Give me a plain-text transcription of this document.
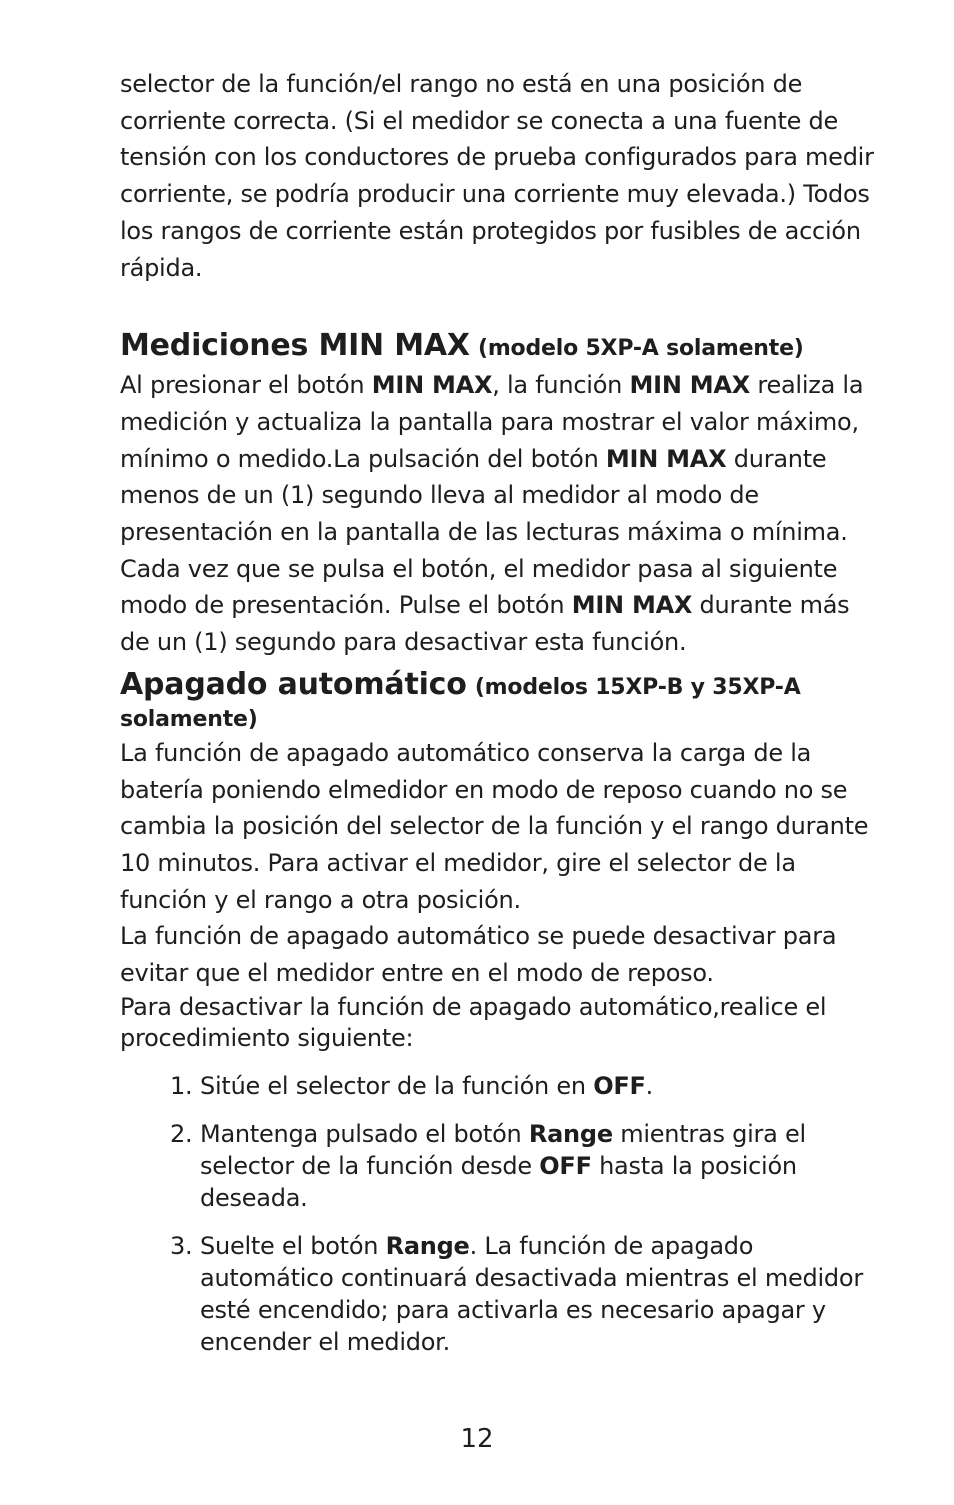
selector de la función/el rango no está en una posición de corriente correcta. (Si el medidor se conecta a una fuente de tensión con los conductores de prueba configurados para medir corriente, se podría producir una corriente muy elevada.) Todos los rangos de corriente están protegidos por fusibles de acción rápida.

Mediciones MIN MAX (modelo 5XP-A solamente)

Al presionar el botón MIN MAX, la función MIN MAX realiza la medición y actualiza la pantalla para mostrar el valor máximo, mínimo o medido.La pulsación del botón MIN MAX durante menos de un (1) segundo lleva al medidor al modo de presentación en la pantalla de las lecturas máxima o mínima. Cada vez que se pulsa el botón, el medidor pasa al siguiente modo de presentación. Pulse el botón MIN MAX durante más de un (1) segundo para desactivar esta función.

Apagado automático (modelos 15XP-B y 35XP-A solamente)

La función de apagado automático conserva la carga de la batería poniendo elmedidor en modo de reposo cuando no se cambia la posición del selector de la función y el rango durante 10 minutos. Para activar el medidor, gire el selector de la función y el rango a otra posición.

La función de apagado automático se puede desactivar para evitar que el medidor entre en el modo de reposo.

Para desactivar la función de apagado automático,realice el procedimiento siguiente:

1. Sitúe el selector de la función en OFF.
2. Mantenga pulsado el botón Range mientras gira el selector de la función desde OFF hasta la posición deseada.
3. Suelte el botón Range. La función de apagado automático continuará desactivada mientras el medidor esté encendido; para activarla es necesario apagar y encender el medidor.
12
